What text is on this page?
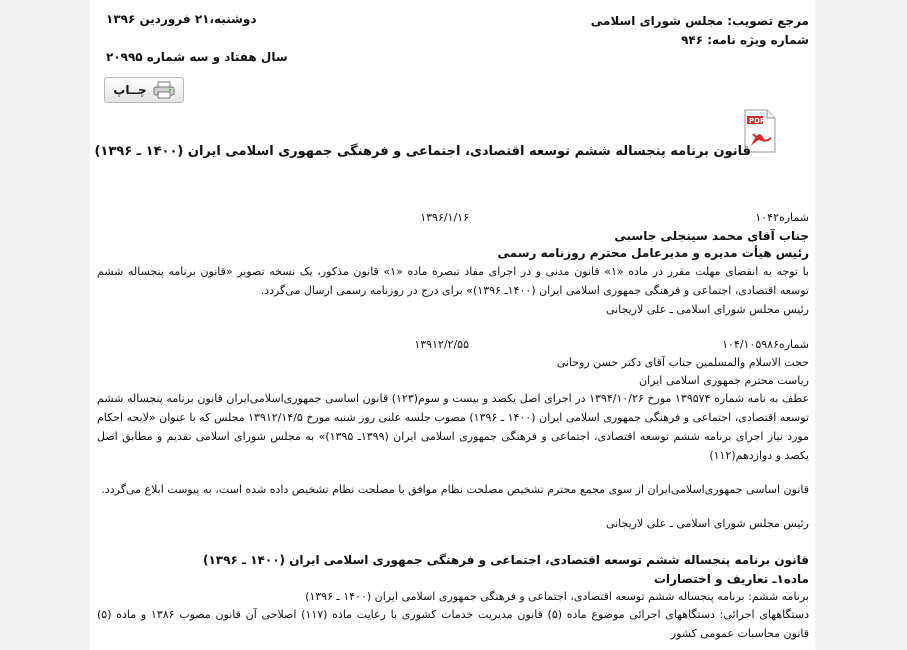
مرجع تصویب: مجلس شورای اسلامی
شماره ویژه نامه: ۹۴۶
دوشنبه،۲۱ فروردین ۱۳۹۶
سال هفتاد و سه شماره ۲۰۹۹۵
چــاپ
PDF
قانون برنامه پنجساله ششم توسعه اقتصادی، اجتماعی و فرهنگی جمهوری اسلامی ایران (۱۴۰۰ ـ ۱۳۹۶)
شماره۱۰۴۲
۱۳۹۶/۱/۱۶
جناب آقای محمد سینجلی جاسبی
رئیس هیأت مدیره و مدیرعامل محترم روزنامه رسمی
با توجه به انقضای مهلت مقرر در ماده «۱» قانون مدنی و در اجرای مفاد تبصره ماده «۱» قانون مذکور، یک نسخه تصویر «قانون برنامه پنجساله ششم توسعه اقتصادی، اجتماعی و فرهنگی جمهوری اسلامی ایران (۱۴۰۰ـ ۱۳۹۶)» برای درج در روزنامه رسمی ارسال می‌گردد.
رئیس مجلس شورای اسلامی ـ علی لاریجانی
شماره۱۰۴/۱۰۵۹۸۶
۱۳۹۱۲/۲/۵۵
حجت الاسلام والمسلمین جناب آقای دکتر حسن روحانی
ریاست محترم جمهوری اسلامی ایران
عطف به نامه شماره ۱۳۹۵۷۴ مورخ ۱۳۹۴/۱۰/۲۶ در اجرای اصل یکصد و بیست و سوم(۱۲۳) قانون اساسی جمهوری‌اسلامی‌ایران قانون برنامه پنجساله ششم توسعه اقتصادی، اجتماعی و فرهنگی جمهوری اسلامی ایران (۱۴۰۰ ـ ۱۳۹۶) مصوب جلسه علنی روز شنبه مورخ ۱۳۹۱۲/۱۴/۵ مجلس که با عنوان «لایحه احکام مورد نیاز اجرای برنامه ششم توسعه اقتصادی، اجتماعی و فرهنگی جمهوری اسلامی ایران (۱۳۹۹ـ ۱۳۹۵)» به مجلس شورای اسلامی تقدیم و مطابق اصل یکصد و دوازدهم(۱۱۲)
قانون اساسی جمهوری‌اسلامی‌ایران از سوی مجمع محترم تشخیص مصلحت نظام موافق با مصلحت نظام تشخیص داده شده است، به پیوست ابلاغ می‌گردد.
رئیس مجلس شورای اسلامی ـ علی لاریجانی
قانون برنامه پنجساله ششم توسعه اقتصادی، اجتماعی و فرهنگی جمهوری اسلامی ایران (۱۴۰۰ ـ ۱۳۹۶)
ماده۱ـ تعاریف و اختصارات
برنامه ششم: برنامه پنجساله ششم توسعه اقتصادی، اجتماعی و فرهنگی جمهوری اسلامی ایران (۱۴۰۰ ـ ۱۳۹۶)
دستگاههای اجرائی: دستگاههای اجرائی موضوع ماده (۵) قانون مدیریت خدمات کشوری با رعایت ماده (۱۱۷) اصلاحی آن قانون مصوب ۱۳۸۶ و ماده (۵) قانون محاسبات عمومی کشور
